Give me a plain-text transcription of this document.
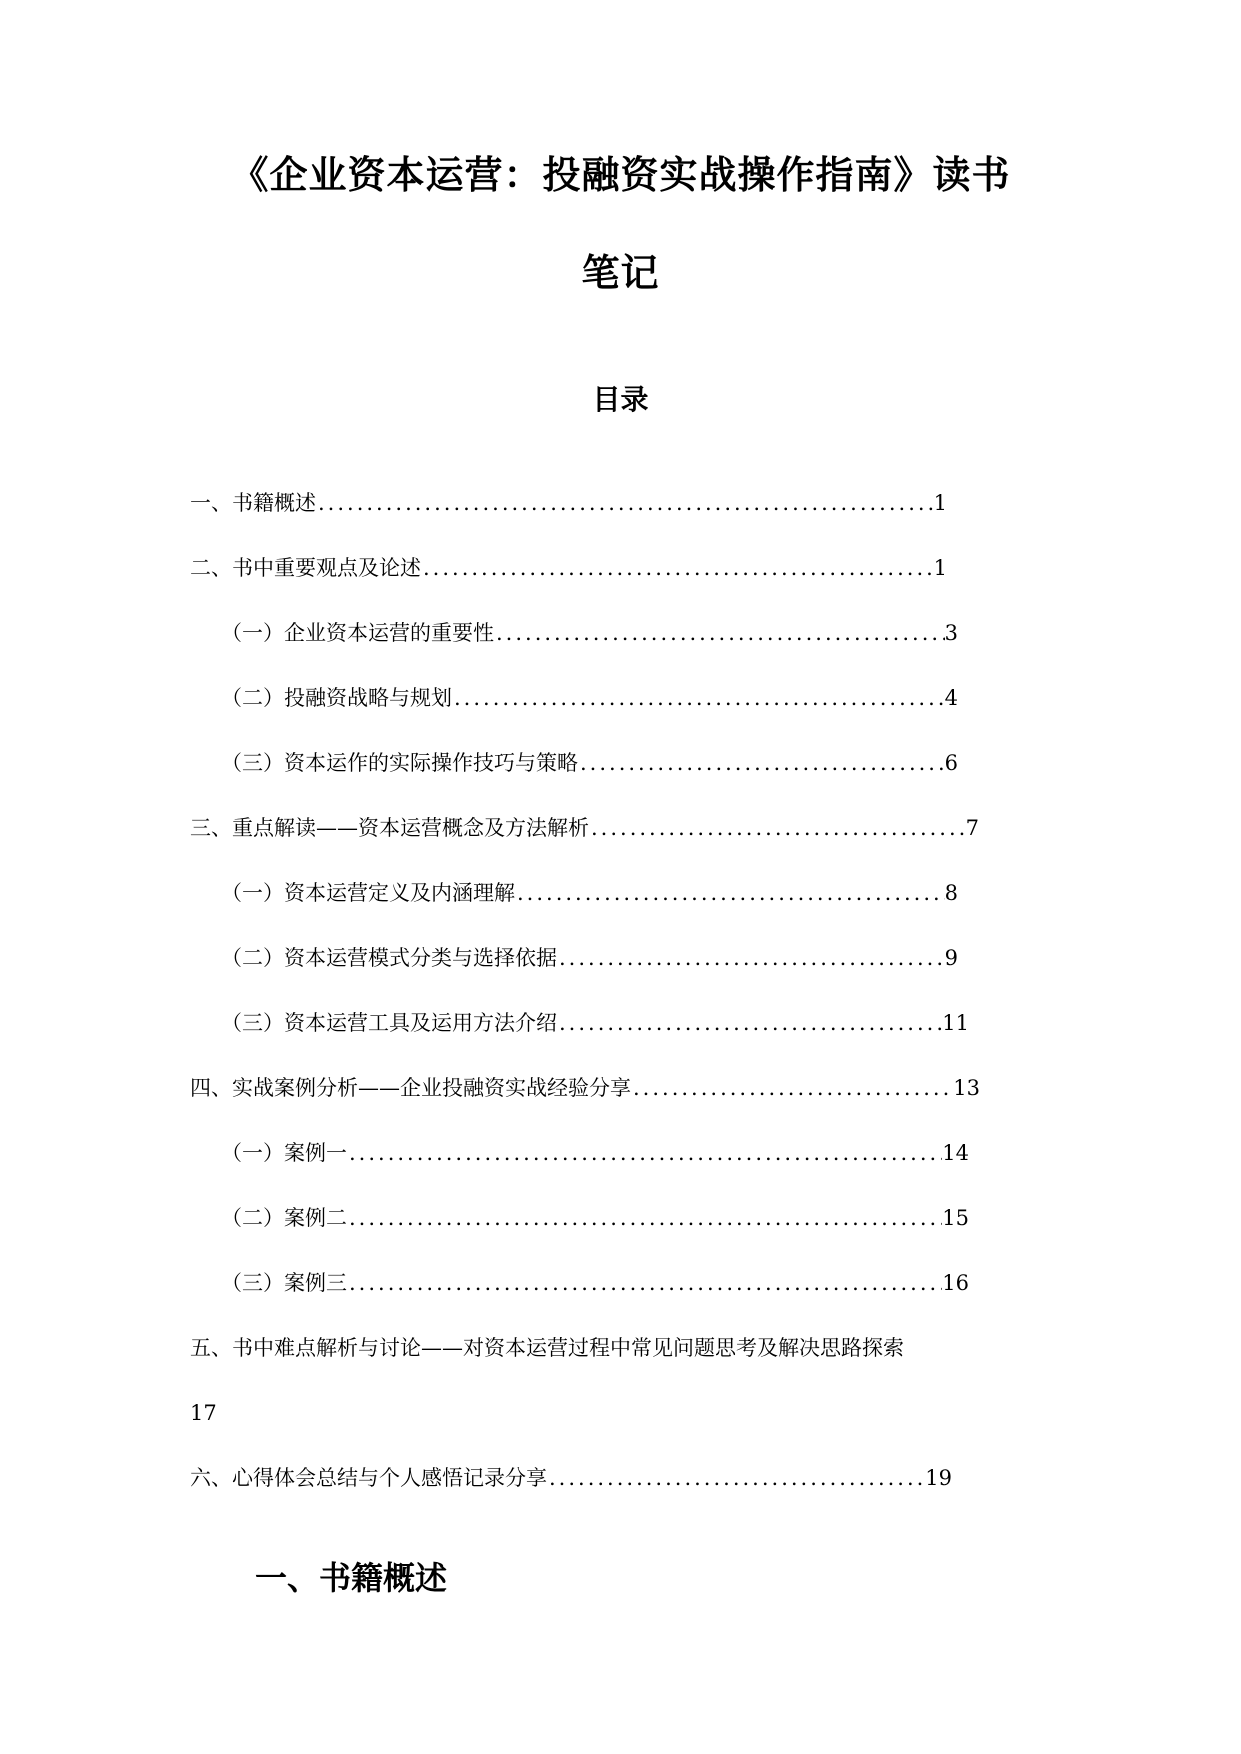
《企业资本运营：投融资实战操作指南》读书
笔记
目录
一、书籍概述 .....	1
二、书中重要观点及论述 .....	1
（一）企业资本运营的重要性 .....	3
（二）投融资战略与规划 .....	4
（三）资本运作的实际操作技巧与策略 .....	6
三、重点解读——资本运营概念及方法解析 .....	7
（一）资本运营定义及内涵理解 .....	8
（二）资本运营模式分类与选择依据 .....	9
（三）资本运营工具及运用方法介绍 .....	11
四、实战案例分析——企业投融资实战经验分享 .....	13
（一）案例一 .....	14
（二）案例二 .....	15
（三）案例三 .....	16
五、书中难点解析与讨论——对资本运营过程中常见问题思考及解决思路探索
17
六、心得体会总结与个人感悟记录分享 .....	19
一、书籍概述
